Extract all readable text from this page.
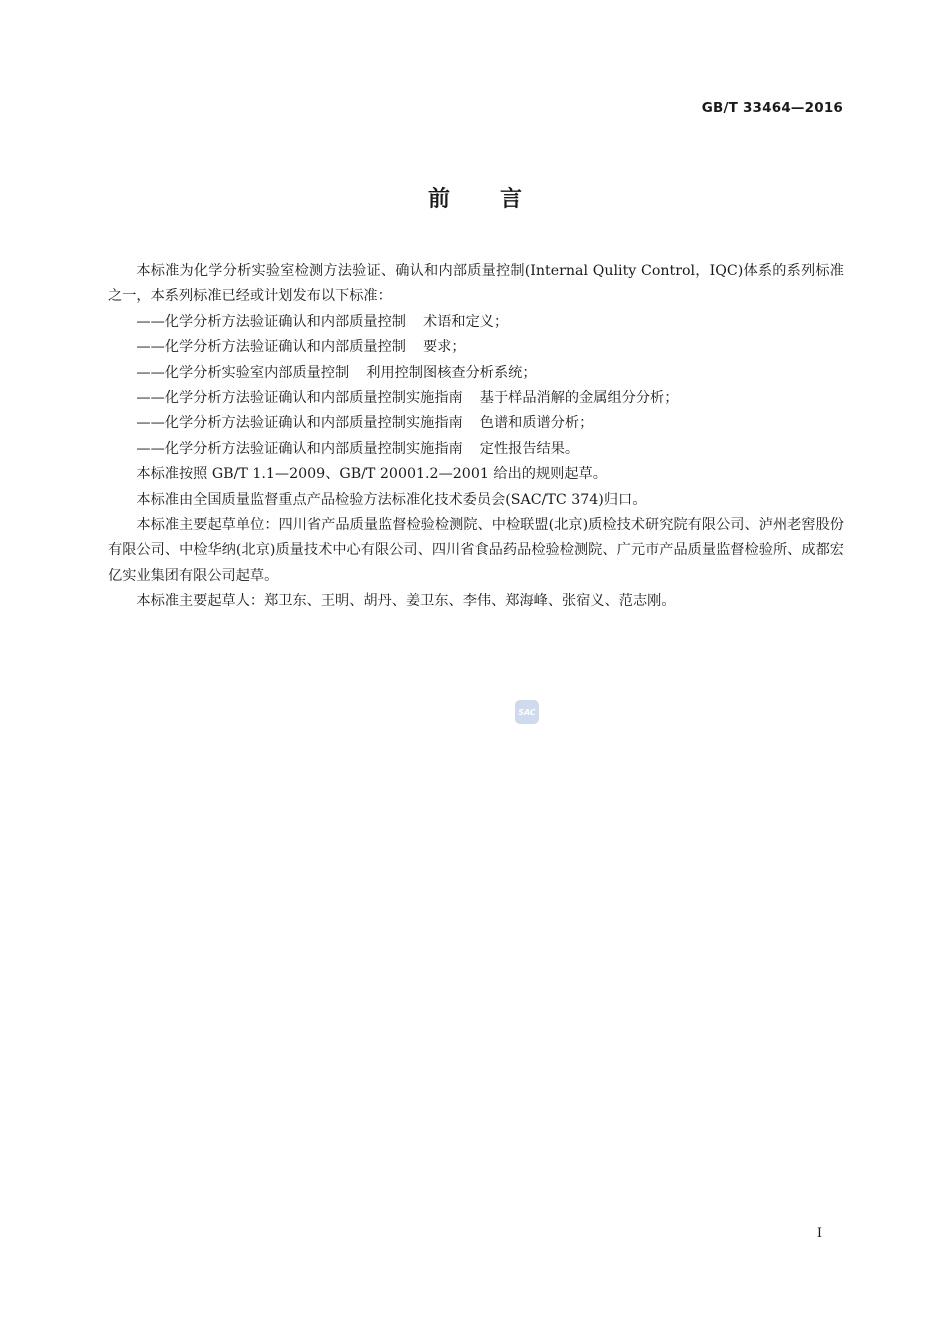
GB/T 33464—2016
前言

本标准为化学分析实验室检测方法验证、确认和内部质量控制(Internal Qulity Control，IQC)体系的系列标准之一，本系列标准已经或计划发布以下标准：

——化学分析方法验证确认和内部质量控制 术语和定义；

——化学分析方法验证确认和内部质量控制 要求；

——化学分析实验室内部质量控制 利用控制图核查分析系统；

——化学分析方法验证确认和内部质量控制实施指南 基于样品消解的金属组分分析；

——化学分析方法验证确认和内部质量控制实施指南 色谱和质谱分析；

——化学分析方法验证确认和内部质量控制实施指南 定性报告结果。

本标准按照 GB/T 1.1—2009、GB/T 20001.2—2001 给出的规则起草。

本标准由全国质量监督重点产品检验方法标准化技术委员会(SAC/TC 374)归口。

本标准主要起草单位：四川省产品质量监督检验检测院、中检联盟(北京)质检技术研究院有限公司、泸州老窖股份有限公司、中检华纳(北京)质量技术中心有限公司、四川省食品药品检验检测院、广元市产品质量监督检验所、成都宏亿实业集团有限公司起草。

本标准主要起草人：郑卫东、王明、胡丹、姜卫东、李伟、郑海峰、张宿义、范志刚。

SAC
I
